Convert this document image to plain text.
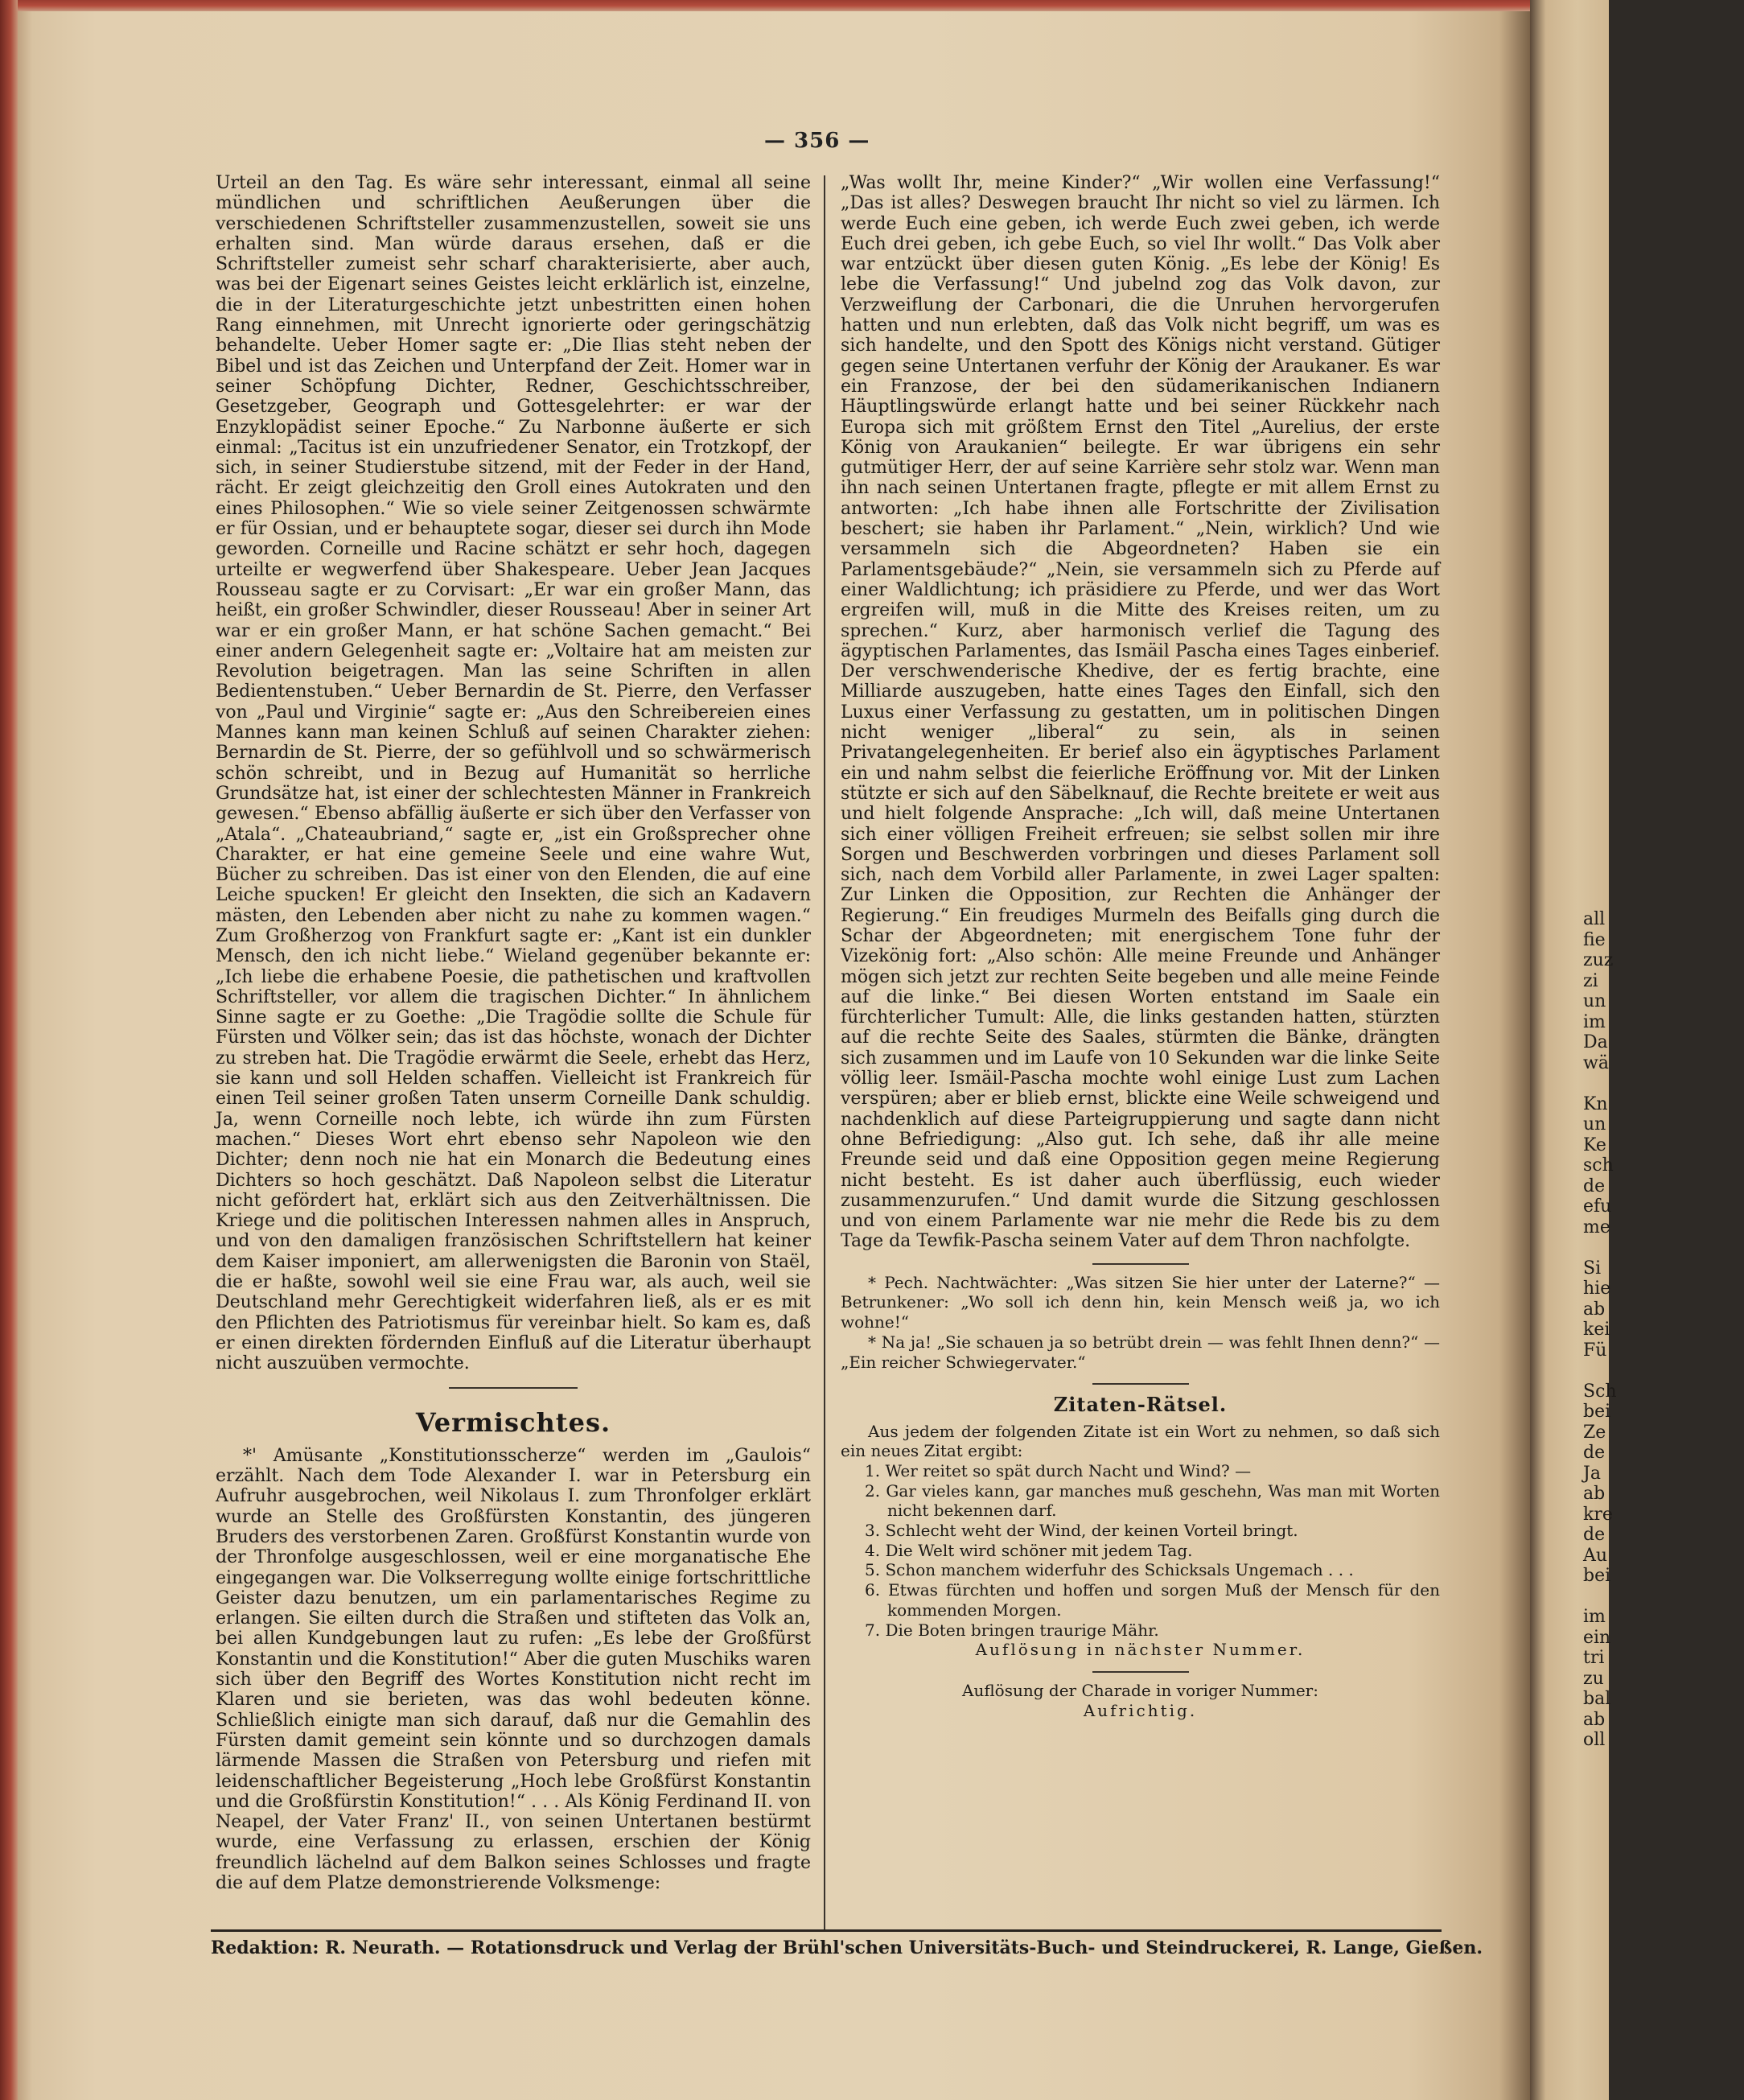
— 356 —

Urteil an den Tag. Es wäre sehr interessant, einmal all seine mündlichen und schriftlichen Aeußerungen über die verschiedenen Schriftsteller zusammenzustellen, soweit sie uns erhalten sind. Man würde daraus ersehen, daß er die Schriftsteller zumeist sehr scharf charakterisierte, aber auch, was bei der Eigenart seines Geistes leicht erklärlich ist, einzelne, die in der Literaturgeschichte jetzt unbestritten einen hohen Rang einnehmen, mit Unrecht ignorierte oder geringschätzig behandelte. Ueber Homer sagte er: „Die Ilias steht neben der Bibel und ist das Zeichen und Unterpfand der Zeit. Homer war in seiner Schöpfung Dichter, Redner, Geschichtsschreiber, Gesetzgeber, Geograph und Gottesgelehrter: er war der Enzyklopädist seiner Epoche.“ Zu Narbonne äußerte er sich einmal: „Tacitus ist ein unzufriedener Senator, ein Trotzkopf, der sich, in seiner Studierstube sitzend, mit der Feder in der Hand, rächt. Er zeigt gleichzeitig den Groll eines Autokraten und den eines Philosophen.“ Wie so viele seiner Zeitgenossen schwärmte er für Ossian, und er behauptete sogar, dieser sei durch ihn Mode geworden. Corneille und Racine schätzt er sehr hoch, dagegen urteilte er wegwerfend über Shakespeare. Ueber Jean Jacques Rousseau sagte er zu Corvisart: „Er war ein großer Mann, das heißt, ein großer Schwindler, dieser Rousseau! Aber in seiner Art war er ein großer Mann, er hat schöne Sachen gemacht.“ Bei einer andern Gelegenheit sagte er: „Voltaire hat am meisten zur Revolution beigetragen. Man las seine Schriften in allen Bedientenstuben.“ Ueber Bernardin de St. Pierre, den Verfasser von „Paul und Virginie“ sagte er: „Aus den Schreibereien eines Mannes kann man keinen Schluß auf seinen Charakter ziehen: Bernardin de St. Pierre, der so gefühlvoll und so schwärmerisch schön schreibt, und in Bezug auf Humanität so herrliche Grundsätze hat, ist einer der schlechtesten Männer in Frankreich gewesen.“ Ebenso abfällig äußerte er sich über den Verfasser von „Atala“. „Chateaubriand,“ sagte er, „ist ein Großsprecher ohne Charakter, er hat eine gemeine Seele und eine wahre Wut, Bücher zu schreiben. Das ist einer von den Elenden, die auf eine Leiche spucken! Er gleicht den Insekten, die sich an Kadavern mästen, den Lebenden aber nicht zu nahe zu kommen wagen.“ Zum Großherzog von Frankfurt sagte er: „Kant ist ein dunkler Mensch, den ich nicht liebe.“ Wieland gegenüber bekannte er: „Ich liebe die erhabene Poesie, die pathetischen und kraftvollen Schriftsteller, vor allem die tragischen Dichter.“ In ähnlichem Sinne sagte er zu Goethe: „Die Tragödie sollte die Schule für Fürsten und Völker sein; das ist das höchste, wonach der Dichter zu streben hat. Die Tragödie erwärmt die Seele, erhebt das Herz, sie kann und soll Helden schaffen. Vielleicht ist Frankreich für einen Teil seiner großen Taten unserm Corneille Dank schuldig. Ja, wenn Corneille noch lebte, ich würde ihn zum Fürsten machen.“ Dieses Wort ehrt ebenso sehr Napoleon wie den Dichter; denn noch nie hat ein Monarch die Bedeutung eines Dichters so hoch geschätzt. Daß Napoleon selbst die Literatur nicht gefördert hat, erklärt sich aus den Zeitverhältnissen. Die Kriege und die politischen Interessen nahmen alles in Anspruch, und von den damaligen französischen Schriftstellern hat keiner dem Kaiser imponiert, am allerwenigsten die Baronin von Staël, die er haßte, sowohl weil sie eine Frau war, als auch, weil sie Deutschland mehr Gerechtigkeit widerfahren ließ, als er es mit den Pflichten des Patriotismus für vereinbar hielt. So kam es, daß er einen direkten fördernden Einfluß auf die Literatur überhaupt nicht auszuüben vermochte.

Vermischtes.

*' Amüsante „Konstitutionsscherze“ werden im „Gaulois“ erzählt. Nach dem Tode Alexander I. war in Petersburg ein Aufruhr ausgebrochen, weil Nikolaus I. zum Thronfolger erklärt wurde an Stelle des Großfürsten Konstantin, des jüngeren Bruders des verstorbenen Zaren. Großfürst Konstantin wurde von der Thronfolge ausgeschlossen, weil er eine morganatische Ehe eingegangen war. Die Volkserregung wollte einige fortschrittliche Geister dazu benutzen, um ein parlamentarisches Regime zu erlangen. Sie eilten durch die Straßen und stifteten das Volk an, bei allen Kundgebungen laut zu rufen: „Es lebe der Großfürst Konstantin und die Konstitution!“ Aber die guten Muschiks waren sich über den Begriff des Wortes Konstitution nicht recht im Klaren und sie berieten, was das wohl bedeuten könne. Schließlich einigte man sich darauf, daß nur die Gemahlin des Fürsten damit gemeint sein könnte und so durchzogen damals lärmende Massen die Straßen von Petersburg und riefen mit leidenschaftlicher Begeisterung „Hoch lebe Großfürst Konstantin und die Großfürstin Konstitution!“ . . . Als König Ferdinand II. von Neapel, der Vater Franz' II., von seinen Untertanen bestürmt wurde, eine Verfassung zu erlassen, erschien der König freundlich lächelnd auf dem Balkon seines Schlosses und fragte die auf dem Platze demonstrierende Volksmenge:

„Was wollt Ihr, meine Kinder?“ „Wir wollen eine Verfassung!“ „Das ist alles? Deswegen braucht Ihr nicht so viel zu lärmen. Ich werde Euch eine geben, ich werde Euch zwei geben, ich werde Euch drei geben, ich gebe Euch, so viel Ihr wollt.“ Das Volk aber war entzückt über diesen guten König. „Es lebe der König! Es lebe die Verfassung!“ Und jubelnd zog das Volk davon, zur Verzweiflung der Carbonari, die die Unruhen hervorgerufen hatten und nun erlebten, daß das Volk nicht begriff, um was es sich handelte, und den Spott des Königs nicht verstand. Gütiger gegen seine Untertanen verfuhr der König der Araukaner. Es war ein Franzose, der bei den südamerikanischen Indianern Häuptlingswürde erlangt hatte und bei seiner Rückkehr nach Europa sich mit größtem Ernst den Titel „Aurelius, der erste König von Araukanien“ beilegte. Er war übrigens ein sehr gutmütiger Herr, der auf seine Karrière sehr stolz war. Wenn man ihn nach seinen Untertanen fragte, pflegte er mit allem Ernst zu antworten: „Ich habe ihnen alle Fortschritte der Zivilisation beschert; sie haben ihr Parlament.“ „Nein, wirklich? Und wie versammeln sich die Abgeordneten? Haben sie ein Parlamentsgebäude?“ „Nein, sie versammeln sich zu Pferde auf einer Waldlichtung; ich präsidiere zu Pferde, und wer das Wort ergreifen will, muß in die Mitte des Kreises reiten, um zu sprechen.“ Kurz, aber harmonisch verlief die Tagung des ägyptischen Parlamentes, das Ismäil Pascha eines Tages einberief. Der verschwenderische Khedive, der es fertig brachte, eine Milliarde auszugeben, hatte eines Tages den Einfall, sich den Luxus einer Verfassung zu gestatten, um in politischen Dingen nicht weniger „liberal“ zu sein, als in seinen Privatangelegenheiten. Er berief also ein ägyptisches Parlament ein und nahm selbst die feierliche Eröffnung vor. Mit der Linken stützte er sich auf den Säbelknauf, die Rechte breitete er weit aus und hielt folgende Ansprache: „Ich will, daß meine Untertanen sich einer völligen Freiheit erfreuen; sie selbst sollen mir ihre Sorgen und Beschwerden vorbringen und dieses Parlament soll sich, nach dem Vorbild aller Parlamente, in zwei Lager spalten: Zur Linken die Opposition, zur Rechten die Anhänger der Regierung.“ Ein freudiges Murmeln des Beifalls ging durch die Schar der Abgeordneten; mit energischem Tone fuhr der Vizekönig fort: „Also schön: Alle meine Freunde und Anhänger mögen sich jetzt zur rechten Seite begeben und alle meine Feinde auf die linke.“ Bei diesen Worten entstand im Saale ein fürchterlicher Tumult: Alle, die links gestanden hatten, stürzten auf die rechte Seite des Saales, stürmten die Bänke, drängten sich zusammen und im Laufe von 10 Sekunden war die linke Seite völlig leer. Ismäil-Pascha mochte wohl einige Lust zum Lachen verspüren; aber er blieb ernst, blickte eine Weile schweigend und nachdenklich auf diese Parteigruppierung und sagte dann nicht ohne Befriedigung: „Also gut. Ich sehe, daß ihr alle meine Freunde seid und daß eine Opposition gegen meine Regierung nicht besteht. Es ist daher auch überflüssig, euch wieder zusammenzurufen.“ Und damit wurde die Sitzung geschlossen und von einem Parlamente war nie mehr die Rede bis zu dem Tage da Tewfik-Pascha seinem Vater auf dem Thron nachfolgte.

* Pech. Nachtwächter: „Was sitzen Sie hier unter der Laterne?“ — Betrunkener: „Wo soll ich denn hin, kein Mensch weiß ja, wo ich wohne!“

* Na ja! „Sie schauen ja so betrübt drein — was fehlt Ihnen denn?“ — „Ein reicher Schwiegervater.“

Zitaten-Rätsel.

Aus jedem der folgenden Zitate ist ein Wort zu nehmen, so daß sich ein neues Zitat ergibt:

1. Wer reitet so spät durch Nacht und Wind? —
2. Gar vieles kann, gar manches muß geschehn, Was man mit Worten nicht bekennen darf.
3. Schlecht weht der Wind, der keinen Vorteil bringt.
4. Die Welt wird schöner mit jedem Tag.
5. Schon manchem widerfuhr des Schicksals Ungemach . . .
6. Etwas fürchten und hoffen und sorgen Muß der Mensch für den kommenden Morgen.
7. Die Boten bringen traurige Mähr.

Auflösung in nächster Nummer.

Auflösung der Charade in voriger Nummer:

Aufrichtig.

Redaktion: R. Neurath. — Rotationsdruck und Verlag der Brühl'schen Universitäts-Buch- und Steindruckerei, R. Lange, Gießen.
all
fie
zuz
zi
un
im
Da
wä

Kn
un
Ke
sch
de
efu
me

Si
hie
ab
kei
Fü

Sch
bei
Ze
de
Ja
ab
kre
de
Au
bei

im
ein
tri
zu
bal
ab
oll
